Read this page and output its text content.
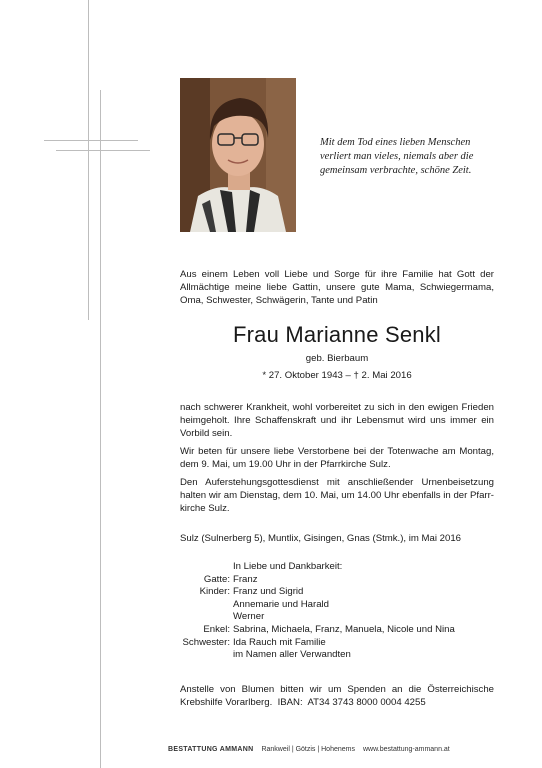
Mit dem Tod eines lieben Menschen
verliert man vieles, niemals aber die
gemeinsam verbrachte, schöne Zeit.
Aus einem Leben voll Liebe und Sorge für ihre Familie hat Gott der
Allmächtige meine liebe Gattin, unsere gute Mama, Schwiegermama,
Oma, Schwester, Schwägerin, Tante und Patin
Frau Marianne Senkl
geb. Bierbaum
* 27. Oktober 1943 – † 2. Mai 2016
nach schwerer Krankheit, wohl vorbereitet zu sich in den ewigen Frieden
heimgeholt. Ihre Schaffenskraft und ihr Lebensmut wird uns immer ein
Vorbild sein.
Wir beten für unsere liebe Verstorbene bei der Totenwache am Montag,
dem 9. Mai, um 19.00 Uhr in der Pfarrkirche Sulz.
Den Auferstehungsgottesdienst mit anschließender Urnenbeisetzung
halten wir am Dienstag, dem 10. Mai, um 14.00 Uhr ebenfalls in der Pfarr-
kirche Sulz.
Sulz (Sulnerberg 5), Muntlix, Gisingen, Gnas (Stmk.), im Mai 2016
In Liebe und Dankbarkeit:
Gatte: Franz
Kinder: Franz und Sigrid
Annemarie und Harald
Werner
Enkel: Sabrina, Michaela, Franz, Manuela, Nicole und Nina
Schwester: Ida Rauch mit Familie
im Namen aller Verwandten
Anstelle von Blumen bitten wir um Spenden an die Österreichische
Krebshilfe Vorarlberg.  IBAN:  AT34 3743 8000 0004 4255
BESTATTUNG AMMANN Rankweil | Götzis | Hohenems www.bestattung-ammann.at
